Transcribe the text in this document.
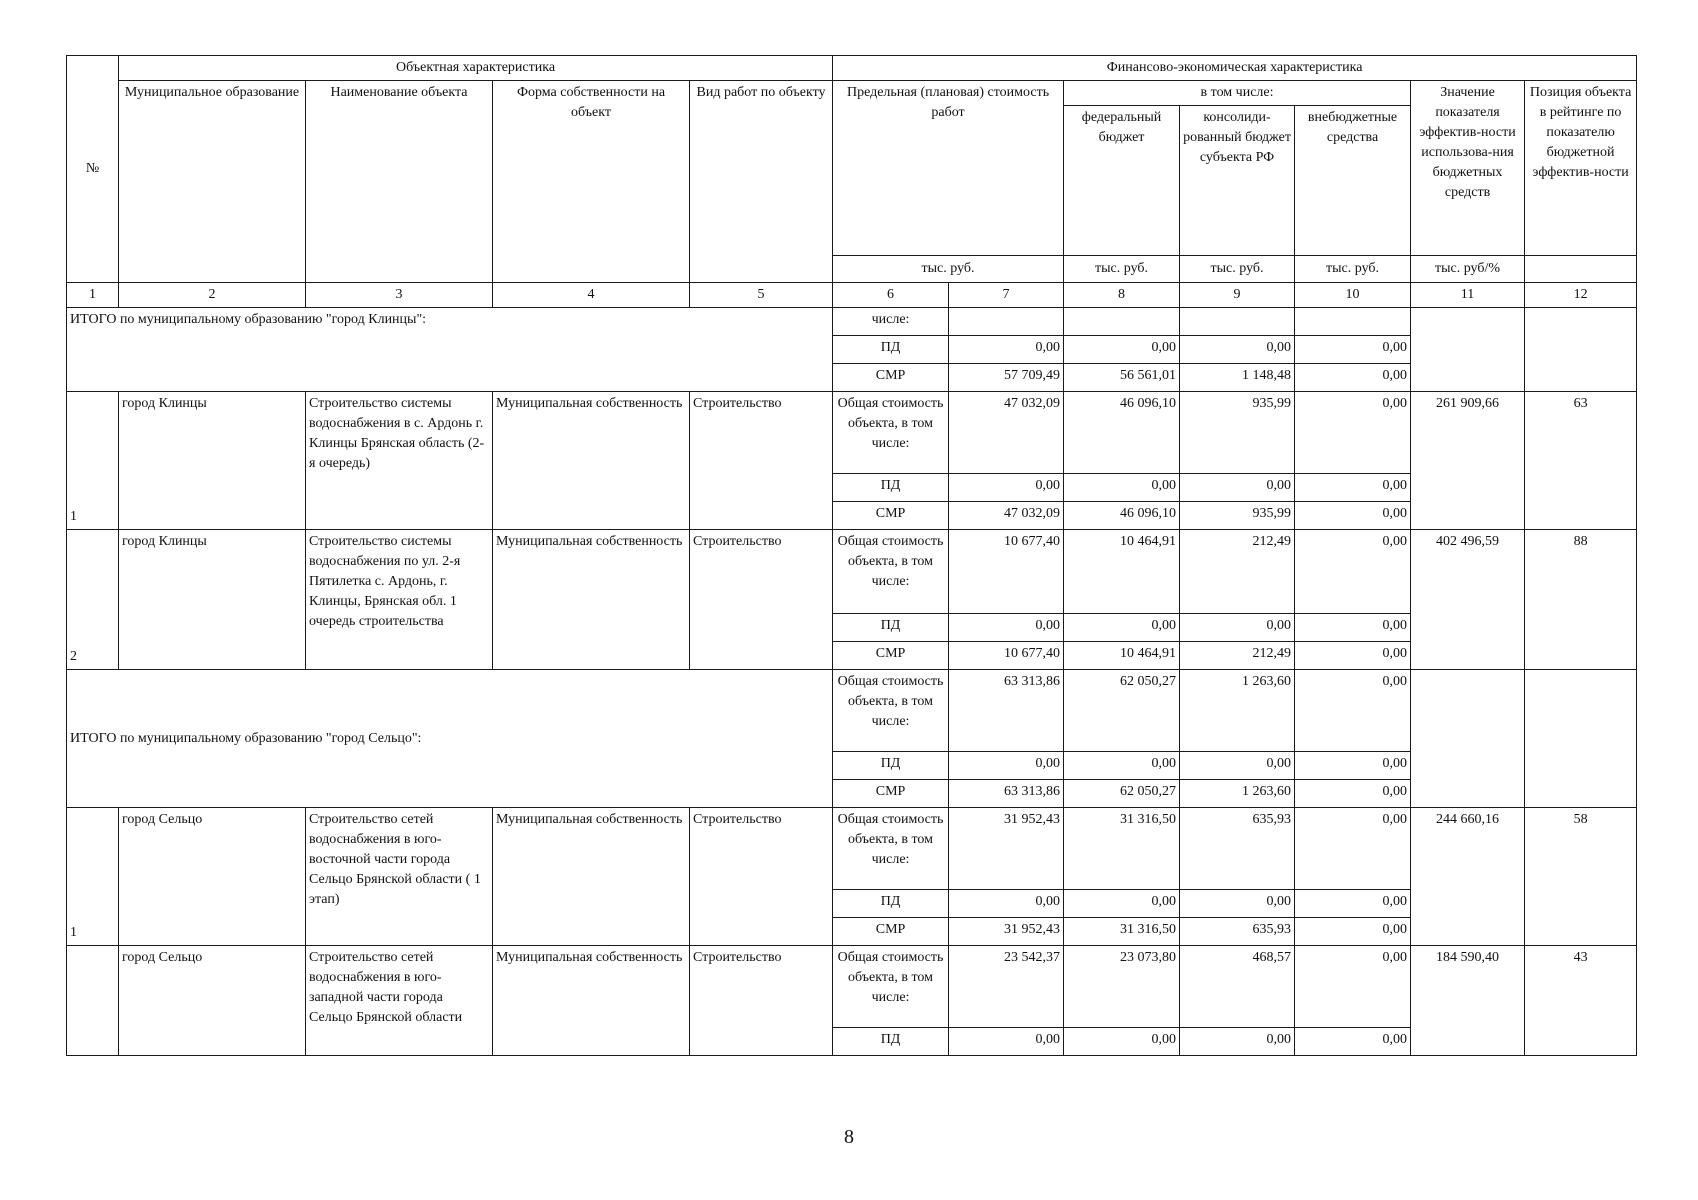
№	Объектная характеристика				Финансово-экономическая характеристика						
	Муниципальное образование	Наименование объекта	Форма собственности на объект	Вид работ по объекту	Предельная (плановая) стоимость работ		в том числе:			Значение показателя эффектив-ности использова-ния бюджетных средств	Позиция объекта в рейтинге по показателю бюджетной эффектив-ности
							федеральный бюджет	консолиди-рованный бюджет субъекта РФ	внебюджетные средства		
					тыс. руб.		тыс. руб.	тыс. руб.	тыс. руб.	тыс. руб/%	
1	2	3	4	5	6	7	8	9	10	11	12
ИТОГО по муниципальному образованию "город Клинцы":					числе:						
					ПД	0,00	0,00	0,00	0,00		
					СМР	57 709,49	56 561,01	1 148,48	0,00		
1	город Клинцы	Строительство системы водоснабжения в с. Ардонь г. Клинцы Брянская область (2-я очередь)	Муниципальная собственность	Строительство	Общая стоимость объекта, в том числе:	47 032,09	46 096,10	935,99	0,00	261 909,66	63
					ПД	0,00	0,00	0,00	0,00		
					СМР	47 032,09	46 096,10	935,99	0,00		
2	город Клинцы	Строительство системы водоснабжения по ул. 2-я Пятилетка с. Ардонь, г. Клинцы, Брянская обл. 1 очередь строительства	Муниципальная собственность	Строительство	Общая стоимость объекта, в том числе:	10 677,40	10 464,91	212,49	0,00	402 496,59	88
					ПД	0,00	0,00	0,00	0,00		
					СМР	10 677,40	10 464,91	212,49	0,00		
ИТОГО по муниципальному образованию "город Сельцо":					Общая стоимость объекта, в том числе:	63 313,86	62 050,27	1 263,60	0,00		
					ПД	0,00	0,00	0,00	0,00		
					СМР	63 313,86	62 050,27	1 263,60	0,00		
1	город Сельцо	Строительство сетей водоснабжения в юго-восточной части города Сельцо Брянской области ( 1 этап)	Муниципальная собственность	Строительство	Общая стоимость объекта, в том числе:	31 952,43	31 316,50	635,93	0,00	244 660,16	58
					ПД	0,00	0,00	0,00	0,00		
					СМР	31 952,43	31 316,50	635,93	0,00		
	город Сельцо	Строительство сетей водоснабжения в юго-западной части города Сельцо Брянской области	Муниципальная собственность	Строительство	Общая стоимость объекта, в том числе:	23 542,37	23 073,80	468,57	0,00	184 590,40	43
					ПД	0,00	0,00	0,00	0,00		
8
